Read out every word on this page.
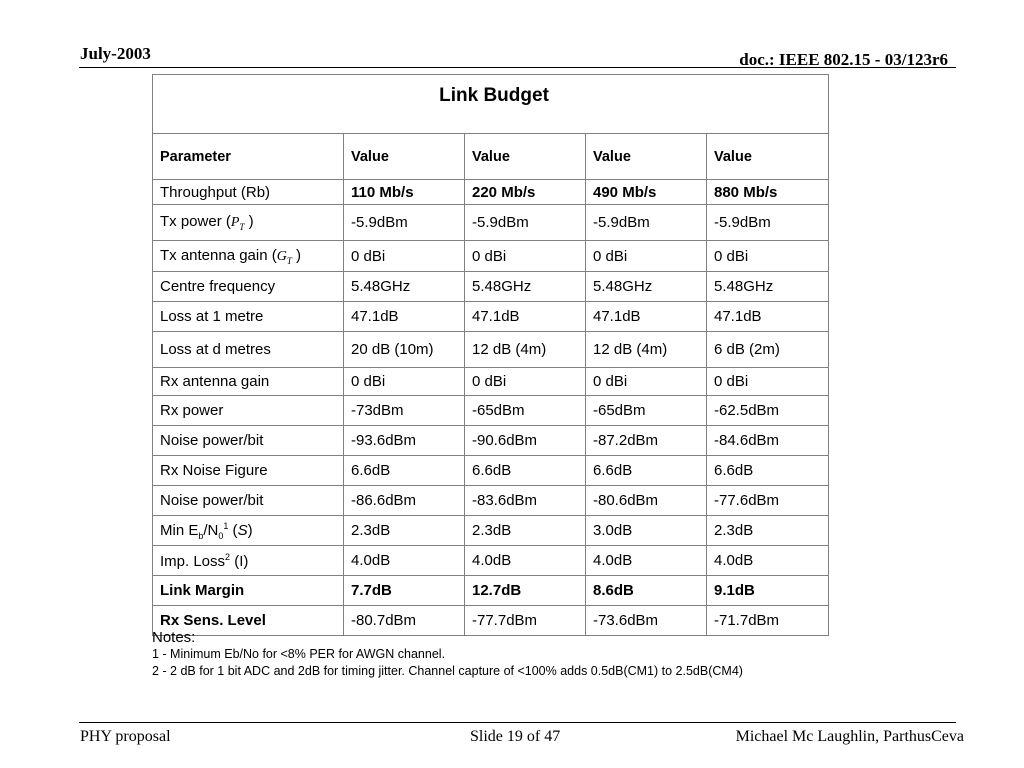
July-2003	doc.: IEEE 802.15 - 03/123r6
Link Budget				
Parameter	Value	Value	Value	Value
Throughput (Rb)	110 Mb/s	220 Mb/s	490 Mb/s	880 Mb/s
Tx power ($P_T$ )	-5.9dBm	-5.9dBm	-5.9dBm	-5.9dBm
Tx antenna gain ($G_T$ )	0 dBi	0 dBi	0 dBi	0 dBi
Centre frequency	5.48GHz	5.48GHz	5.48GHz	5.48GHz
Loss at 1 metre	47.1dB	47.1dB	47.1dB	47.1dB
Loss at d metres	20 dB (10m)	12 dB (4m)	12 dB (4m)	6 dB (2m)
Rx antenna gain	0 dBi	0 dBi	0 dBi	0 dBi
Rx power	-73dBm	-65dBm	-65dBm	-62.5dBm
Noise power/bit	-93.6dBm	-90.6dBm	-87.2dBm	-84.6dBm
Rx Noise Figure	6.6dB	6.6dB	6.6dB	6.6dB
Noise power/bit	-86.6dBm	-83.6dBm	-80.6dBm	-77.6dBm
Min $E_b/N_0^1$ (S)	2.3dB	2.3dB	3.0dB	2.3dB
Imp. Loss$^2$ (I)	4.0dB	4.0dB	4.0dB	4.0dB
Link Margin	7.7dB	12.7dB	8.6dB	9.1dB
Rx Sens. Level	-80.7dBm	-77.7dBm	-73.6dBm	-71.7dBm
Notes:
1 - Minimum Eb/No for <8% PER for AWGN channel.
2 - 2 dB for 1 bit ADC and 2dB for timing jitter. Channel capture of <100% adds 0.5dB(CM1) to 2.5dB(CM4)
PHY proposal	Slide 19 of 47	Michael Mc Laughlin, ParthusCeva
